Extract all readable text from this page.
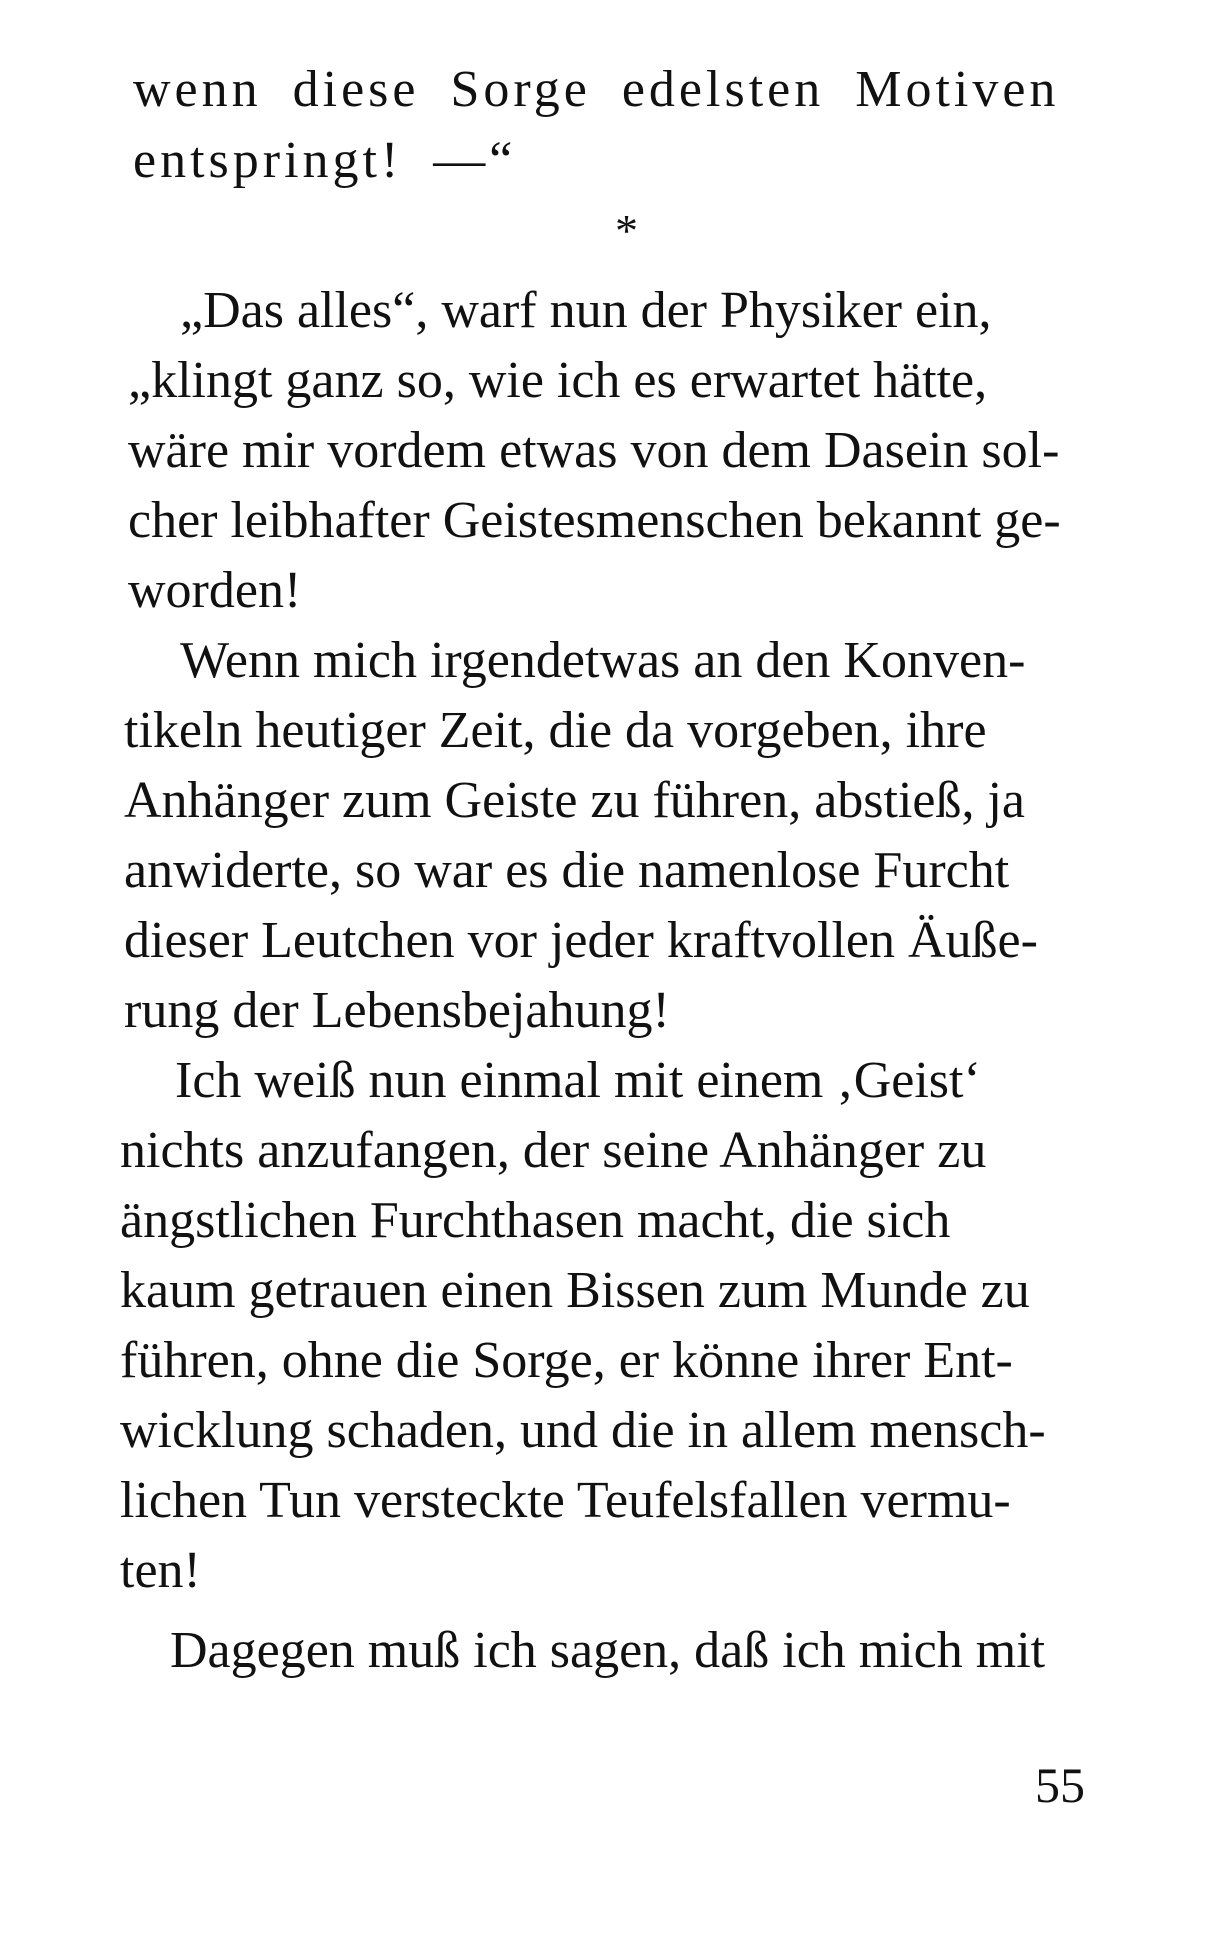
wenn diese Sorge edelsten Motiven
entspringt! —“
*
„Das alles“, warf nun der Physiker ein,
„klingt ganz so, wie ich es erwartet hätte,
wäre mir vordem etwas von dem Dasein sol-
cher leibhafter Geistesmenschen bekannt ge-
worden!
Wenn mich irgendetwas an den Konven-
tikeln heutiger Zeit, die da vorgeben, ihre
Anhänger zum Geiste zu führen, abstieß, ja
anwiderte, so war es die namenlose Furcht
dieser Leutchen vor jeder kraftvollen Äuße-
rung der Lebensbejahung!
Ich weiß nun einmal mit einem ‚Geist‘
nichts anzufangen, der seine Anhänger zu
ängstlichen Furchthasen macht, die sich
kaum getrauen einen Bissen zum Munde zu
führen, ohne die Sorge, er könne ihrer Ent-
wicklung schaden, und die in allem mensch-
lichen Tun versteckte Teufelsfallen vermu-
ten!
Dagegen muß ich sagen, daß ich mich mit
55
